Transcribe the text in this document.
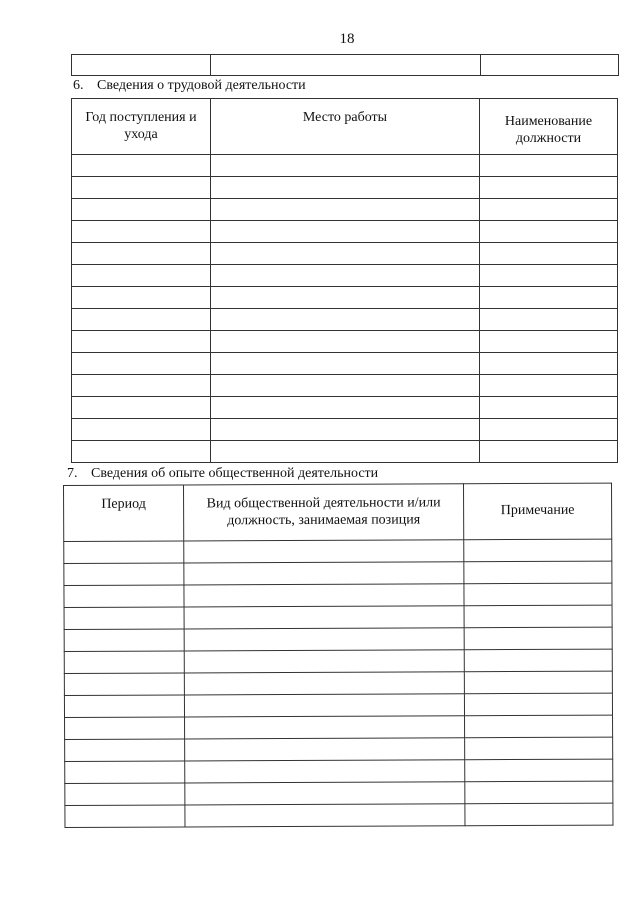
18
6. Сведения о трудовой деятельности
Год поступления и ухода	Место работы	Наименование должности

7. Сведения об опыте общественной деятельности
Период	Вид общественной деятельности и/или должность, занимаемая позиция	Примечание
